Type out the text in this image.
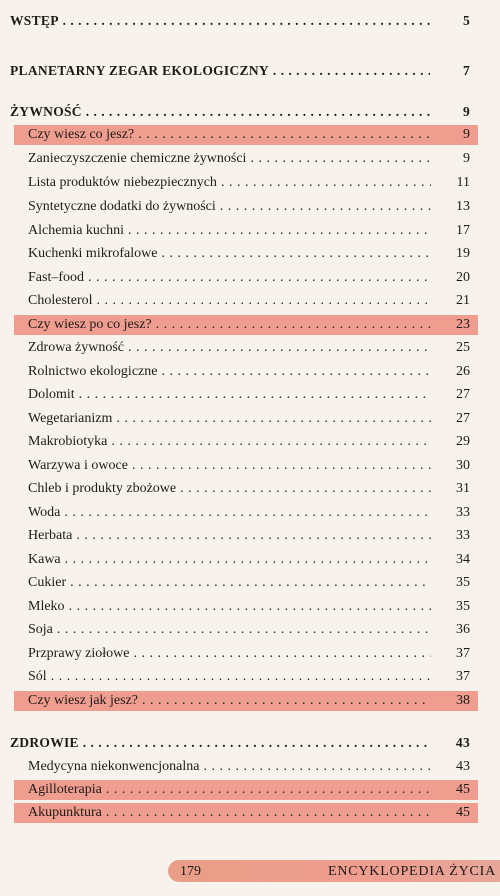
WSTĘP . . .	5
PLANETARNY ZEGAR EKOLOGICZNY . . .	7
ŻYWNOŚĆ . . .	9
Czy wiesz co jesz? . . .	9
Zanieczyszczenie chemiczne żywności . . .	9
Lista produktów niebezpiecznych . . .	11
Syntetyczne dodatki do żywności . . .	13
Alchemia kuchni . . .	17
Kuchenki mikrofalowe . . .	19
Fast–food . . .	20
Cholesterol . . .	21
Czy wiesz po co jesz? . . .	23
Zdrowa żywność . . .	25
Rolnictwo ekologiczne . . .	26
Dolomit . . .	27
Wegetarianizm . . .	27
Makrobiotyka . . .	29
Warzywa i owoce . . .	30
Chleb i produkty zbożowe . . .	31
Woda . . .	33
Herbata . . .	33
Kawa . . .	34
Cukier . . .	35
Mleko . . .	35
Soja . . .	36
Przprawy ziołowe . . .	37
Sól . . .	37
Czy wiesz jak jesz? . . .	38
ZDROWIE . . .	43
Medycyna niekonwencjonalna . . .	43
Agilloterapia . . .	45
Akupunktura . . .	45
179	ENCYKLOPEDIA ŻYCIA
